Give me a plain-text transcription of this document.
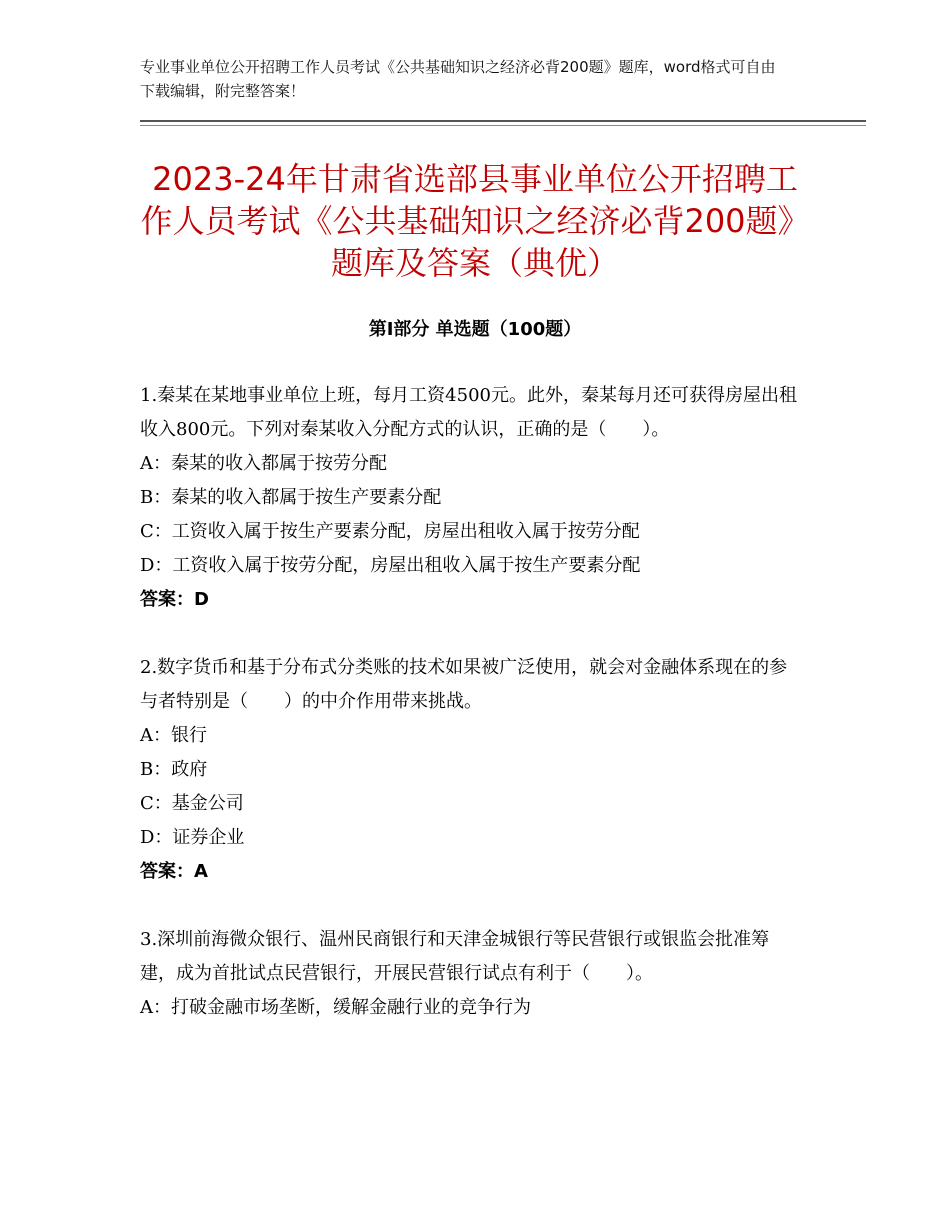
专业事业单位公开招聘工作人员考试《公共基础知识之经济必背200题》题库，word格式可自由下载编辑，附完整答案！
2023-24年甘肃省选部县事业单位公开招聘工作人员考试《公共基础知识之经济必背200题》题库及答案（典优）
第Ⅰ部分 单选题（100题）

1.秦某在某地事业单位上班，每月工资4500元。此外，秦某每月还可获得房屋出租收入800元。下列对秦某收入分配方式的认识，正确的是（　　）。

A：秦某的收入都属于按劳分配

B：秦某的收入都属于按生产要素分配

C：工资收入属于按生产要素分配，房屋出租收入属于按劳分配

D：工资收入属于按劳分配，房屋出租收入属于按生产要素分配

答案：D

2.数字货币和基于分布式分类账的技术如果被广泛使用，就会对金融体系现在的参与者特别是（　　）的中介作用带来挑战。

A：银行

B：政府

C：基金公司

D：证券企业

答案：A

3.深圳前海微众银行、温州民商银行和天津金城银行等民营银行或银监会批准筹建，成为首批试点民营银行，开展民营银行试点有利于（　　）。

A：打破金融市场垄断，缓解金融行业的竞争行为
